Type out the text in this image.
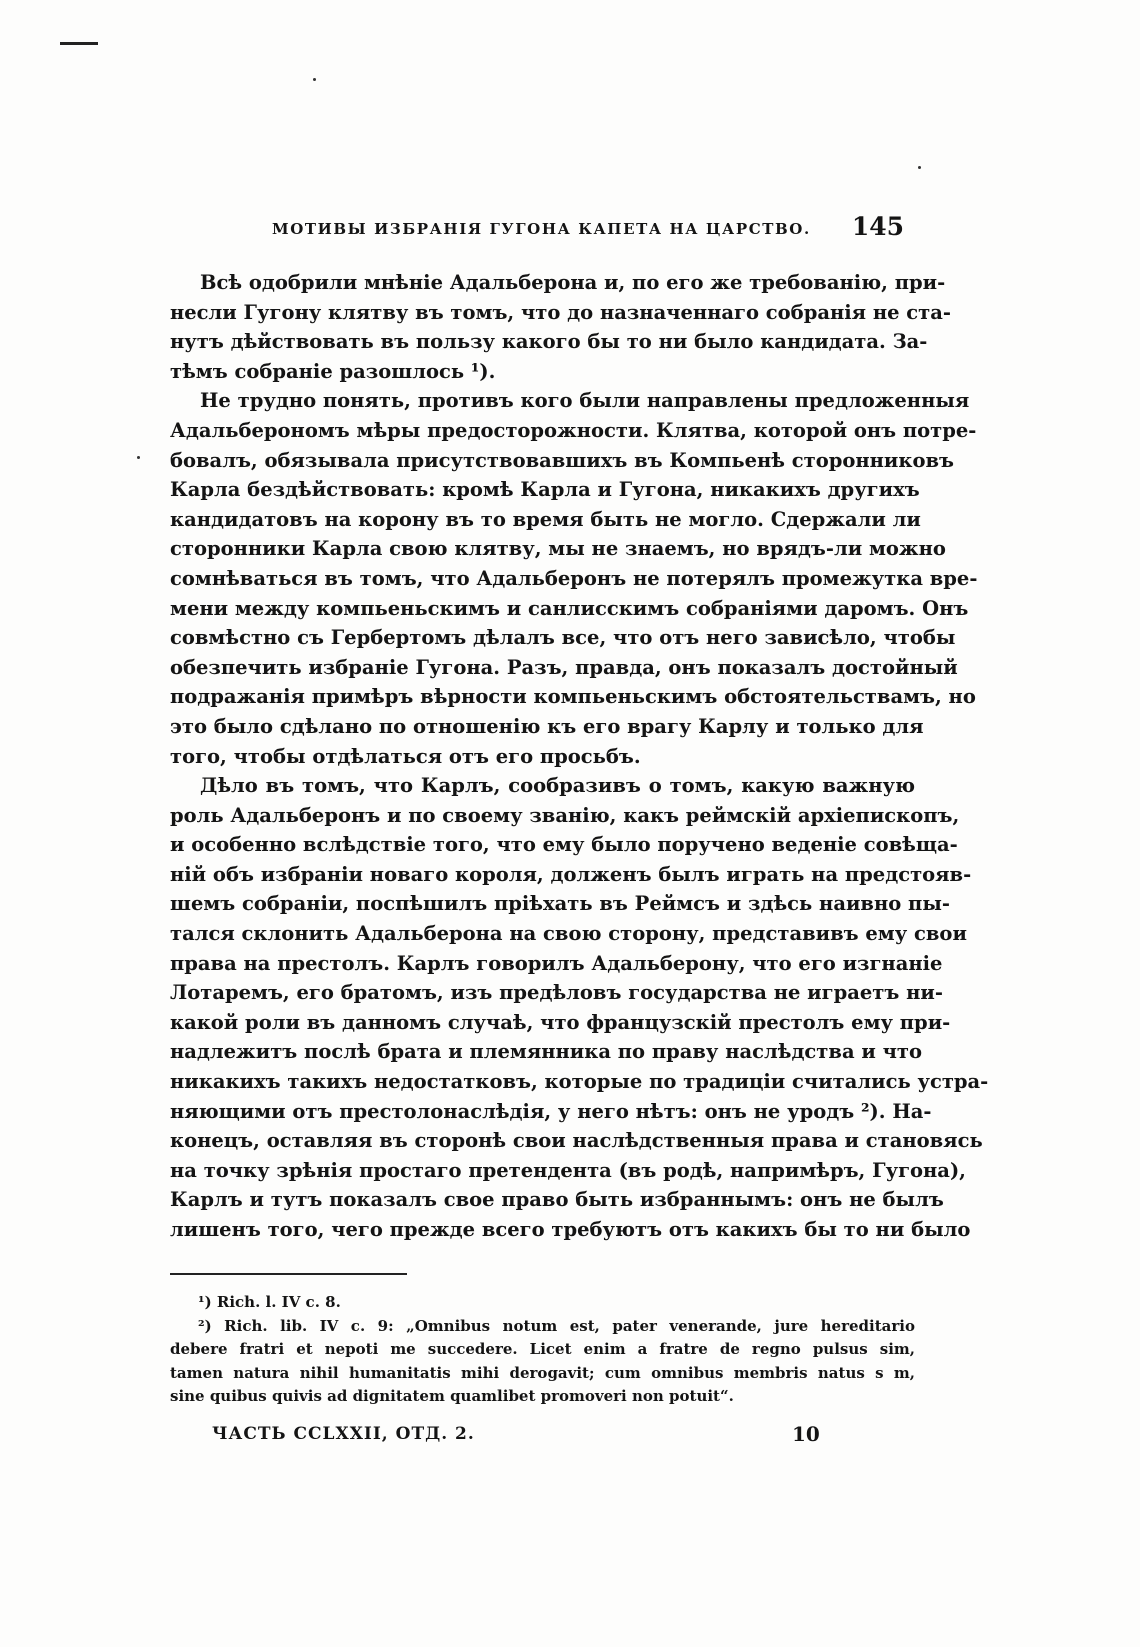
МОТИВЫ ИЗБРАНІЯ ГУГОНА КАПЕТА НА ЦАРСТВО. 145
Всѣ одобрили мнѣніе Адальберона и, по его же требованію, при-
несли Гугону клятву въ томъ, что до назначеннаго собранія не ста-
нутъ дѣйствовать въ пользу какого бы то ни было кандидата. За-
тѣмъ собраніе разошлось ¹).
Не трудно понять, противъ кого были направлены предложенныя
Адальберономъ мѣры предосторожности. Клятва, которой онъ потре-
бовалъ, обязывала присутствовавшихъ въ Компьенѣ сторонниковъ
Карла бездѣйствовать: кромѣ Карла и Гугона, никакихъ другихъ
кандидатовъ на корону въ то время быть не могло. Сдержали ли
сторонники Карла свою клятву, мы не знаемъ, но врядъ-ли можно
сомнѣваться въ томъ, что Адальберонъ не потерялъ промежутка вре-
мени между компьеньскимъ и санлисскимъ собраніями даромъ. Онъ
совмѣстно съ Гербертомъ дѣлалъ все, что отъ него зависѣло, чтобы
обезпечить избраніе Гугона. Разъ, правда, онъ показалъ достойный
подражанія примѣръ вѣрности компьеньскимъ обстоятельствамъ, но
это было сдѣлано по отношенію къ его врагу Карлу и только для
того, чтобы отдѣлаться отъ его просьбъ.
Дѣло въ томъ, что Карлъ, сообразивъ о томъ, какую важную
роль Адальберонъ и по своему званію, какъ реймскій архіепископъ,
и особенно вслѣдствіе того, что ему было поручено веденіе совѣща-
ній объ избраніи новаго короля, долженъ былъ играть на предстояв-
шемъ собраніи, поспѣшилъ пріѣхать въ Реймсъ и здѣсь наивно пы-
тался склонить Адальберона на свою сторону, представивъ ему свои
права на престолъ. Карлъ говорилъ Адальберону, что его изгнаніе
Лотаремъ, его братомъ, изъ предѣловъ государства не играетъ ни-
какой роли въ данномъ случаѣ, что французскій престолъ ему при-
надлежитъ послѣ брата и племянника по праву наслѣдства и что
никакихъ такихъ недостатковъ, которые по традиціи считались устра-
няющими отъ престолонаслѣдія, у него нѣтъ: онъ не уродъ ²). На-
конецъ, оставляя въ сторонѣ свои наслѣдственныя права и становясь
на точку зрѣнія простаго претендента (въ родѣ, напримѣръ, Гугона),
Карлъ и тутъ показалъ свое право быть избраннымъ: онъ не былъ
лишенъ того, чего прежде всего требуютъ отъ какихъ бы то ни было
¹) Rich. l. IV c. 8.
²) Rich. lib. IV c. 9: „Omnibus notum est, pater venerande, jure hereditario
debere fratri et nepoti me succedere. Licet enim a fratre de regno pulsus sim,
tamen natura nihil humanitatis mihi derogavit; cum omnibus membris natus s m,
sine quibus quivis ad dignitatem quamlibet promoveri non potuit“.
ЧАСТЬ CCLXXII, ОТД. 2.	10
